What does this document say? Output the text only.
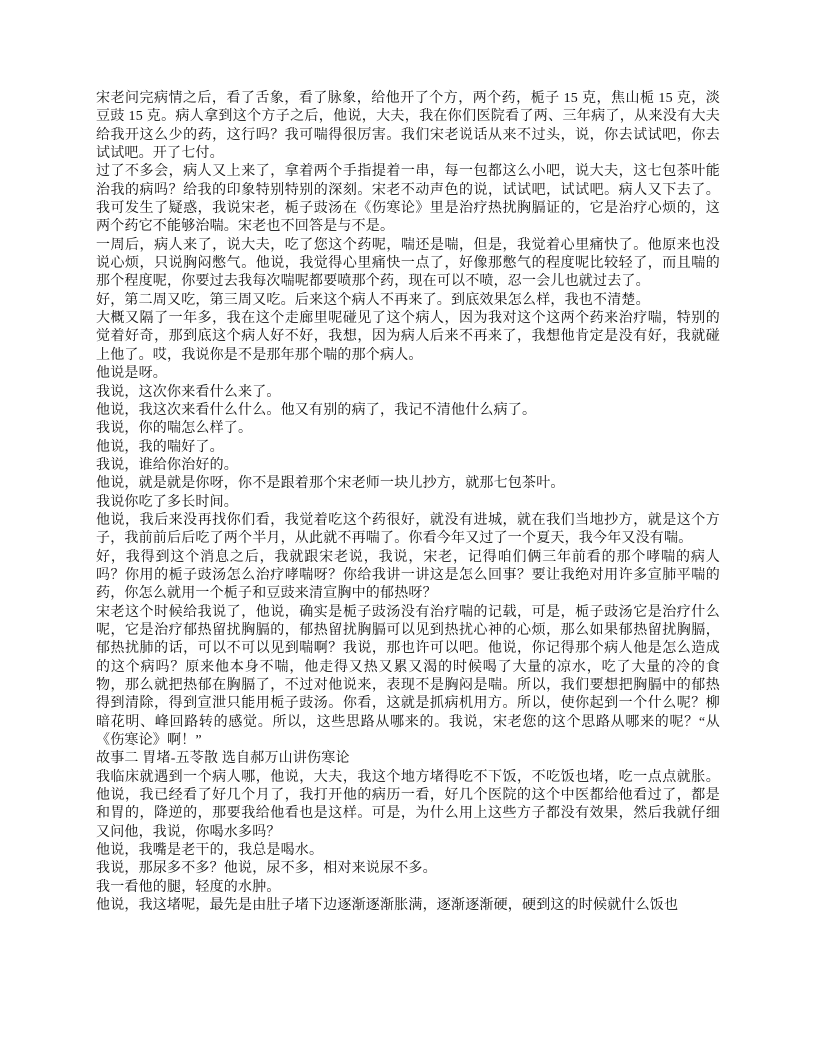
宋老问完病情之后，看了舌象，看了脉象，给他开了个方，两个药，栀子 15 克，焦山栀 15 克，淡豆豉 15 克。病人拿到这个方子之后，他说，大夫，我在你们医院看了两、三年病了，从来没有大夫给我开这么少的药，这行吗？我可喘得很厉害。我们宋老说话从来不过头，说，你去试试吧，你去试试吧。开了七付。

过了不多会，病人又上来了，拿着两个手指提着一串，每一包都这么小吧，说大夫，这七包茶叶能治我的病吗？给我的印象特别特别的深刻。宋老不动声色的说，试试吧，试试吧。病人又下去了。我可发生了疑惑，我说宋老，栀子豉汤在《伤寒论》里是治疗热扰胸膈证的，它是治疗心烦的，这两个药它不能够治喘。宋老也不回答是与不是。

一周后，病人来了，说大夫，吃了您这个药呢，喘还是喘，但是，我觉着心里痛快了。他原来也没说心烦，只说胸闷憋气。他说，我觉得心里痛快一点了，好像那憋气的程度呢比较轻了，而且喘的那个程度呢，你要过去我每次喘呢都要喷那个药，现在可以不喷，忍一会儿也就过去了。

好，第二周又吃，第三周又吃。后来这个病人不再来了。到底效果怎么样，我也不清楚。

大概又隔了一年多，我在这个走廊里呢碰见了这个病人，因为我对这个这两个药来治疗喘，特别的觉着好奇，那到底这个病人好不好，我想，因为病人后来不再来了，我想他肯定是没有好，我就碰上他了。哎，我说你是不是那年那个喘的那个病人。

他说是呀。

我说，这次你来看什么来了。

他说，我这次来看什么什么。他又有别的病了，我记不清他什么病了。

我说，你的喘怎么样了。

他说，我的喘好了。

我说，谁给你治好的。

他说，就是就是你呀，你不是跟着那个宋老师一块儿抄方，就那七包茶叶。

我说你吃了多长时间。

他说，我后来没再找你们看，我觉着吃这个药很好，就没有进城，就在我们当地抄方，就是这个方子，我前前后后吃了两个半月，从此就不再喘了。你看今年又过了一个夏天，我今年又没有喘。

好，我得到这个消息之后，我就跟宋老说，我说，宋老，记得咱们俩三年前看的那个哮喘的病人吗？你用的栀子豉汤怎么治疗哮喘呀？你给我讲一讲这是怎么回事？要让我绝对用许多宣肺平喘的药，你怎么就用一个栀子和豆豉来清宣胸中的郁热呀？

宋老这个时候给我说了，他说，确实是栀子豉汤没有治疗喘的记载，可是，栀子豉汤它是治疗什么呢，它是治疗郁热留扰胸膈的，郁热留扰胸膈可以见到热扰心神的心烦，那么如果郁热留扰胸膈，郁热扰肺的话，可以不可以见到喘啊？我说，那也许可以吧。他说，你记得那个病人他是怎么造成的这个病吗？原来他本身不喘，他走得又热又累又渴的时候喝了大量的凉水，吃了大量的冷的食物，那么就把热郁在胸膈了，不过对他说来，表现不是胸闷是喘。所以，我们要想把胸膈中的郁热得到清除，得到宣泄只能用栀子豉汤。你看，这就是抓病机用方。所以，使你起到一个什么呢？柳暗花明、峰回路转的感觉。所以，这些思路从哪来的。我说，宋老您的这个思路从哪来的呢？“从《伤寒论》啊！”

故事二 胃堵-五苓散 选自郝万山讲伤寒论

我临床就遇到一个病人哪，他说，大夫，我这个地方堵得吃不下饭，不吃饭也堵，吃一点点就胀。他说，我已经看了好几个月了，我打开他的病历一看，好几个医院的这个中医都给他看过了，都是和胃的，降逆的，那要我给他看也是这样。可是，为什么用上这些方子都没有效果，然后我就仔细又问他，我说，你喝水多吗？

他说，我嘴是老干的，我总是喝水。

我说，那尿多不多？他说，尿不多，相对来说尿不多。

我一看他的腿，轻度的水肿。

他说，我这堵呢，最先是由肚子堵下边逐渐逐渐胀满，逐渐逐渐硬，硬到这的时候就什么饭也
